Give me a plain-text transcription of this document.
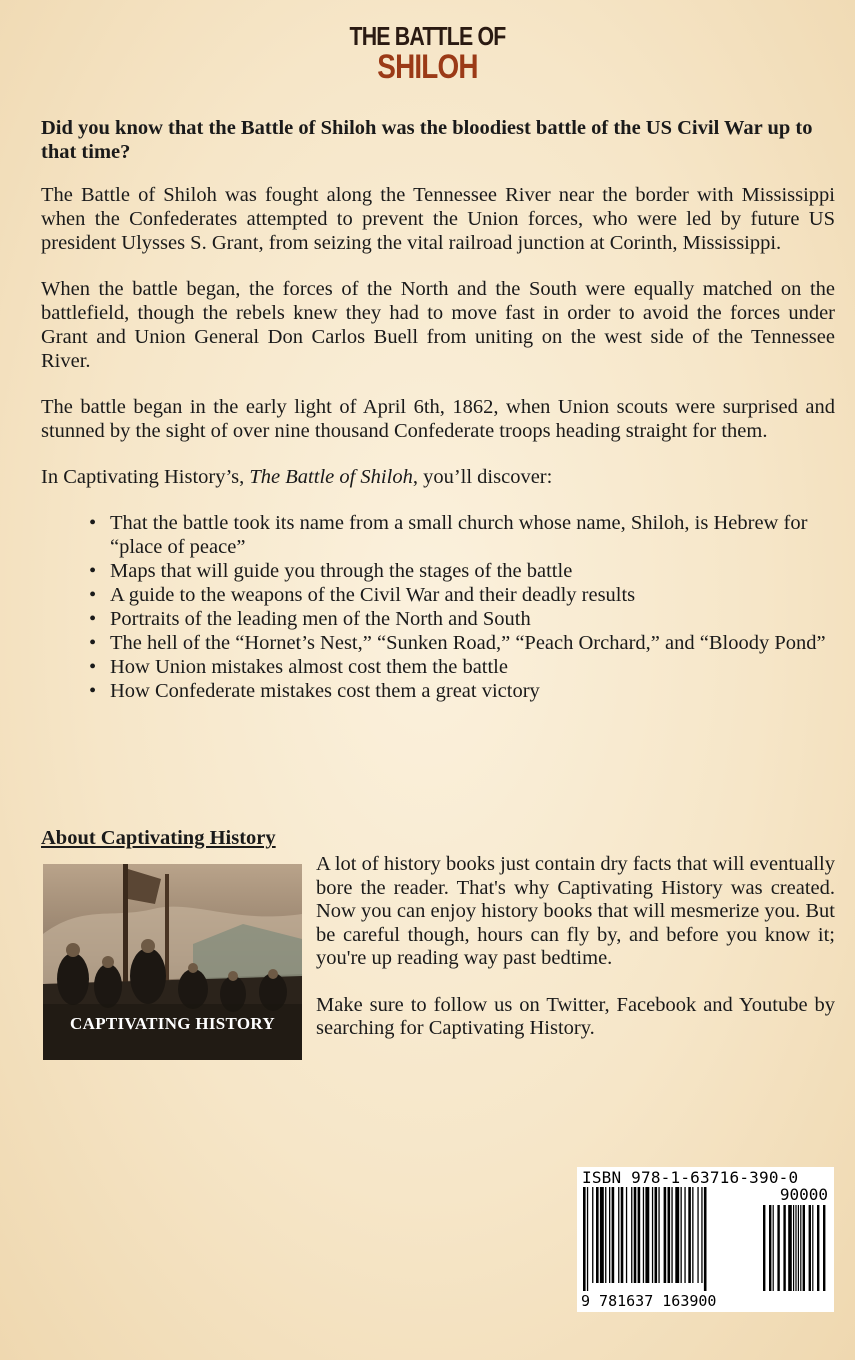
THE BATTLE OF
SHILOH

Did you know that the Battle of Shiloh was the bloodiest battle of the US Civil War up to that time?

The Battle of Shiloh was fought along the Tennessee River near the border with Mississippi when the Confederates attempted to prevent the Union forces, who were led by future US president Ulysses S. Grant, from seizing the vital railroad junction at Corinth, Mississippi.

When the battle began, the forces of the North and the South were equally matched on the battlefield, though the rebels knew they had to move fast in order to avoid the forces under Grant and Union General Don Carlos Buell from uniting on the west side of the Tennessee River.

The battle began in the early light of April 6th, 1862, when Union scouts were surprised and stunned by the sight of over nine thousand Confederate troops heading straight for them.

In Captivating History’s, The Battle of Shiloh, you’ll discover:

• That the battle took its name from a small church whose name, Shiloh, is Hebrew for “place of peace”
• Maps that will guide you through the stages of the battle
• A guide to the weapons of the Civil War and their deadly results
• Portraits of the leading men of the North and South
• The hell of the “Hornet’s Nest,” “Sunken Road,” “Peach Orchard,” and “Bloody Pond”
• How Union mistakes almost cost them the battle
• How Confederate mistakes cost them a great victory
About Captivating History
CAPTIVATING HISTORY

A lot of history books just contain dry facts that will eventually bore the reader. That's why Captivating History was created. Now you can enjoy history books that will mesmerize you. But be careful though, hours can fly by, and before you know it; you're up reading way past bedtime.

Make sure to follow us on Twitter, Facebook and Youtube by searching for Captivating History.

ISBN 978-1-63716-390-0
90000
9 781637 163900
